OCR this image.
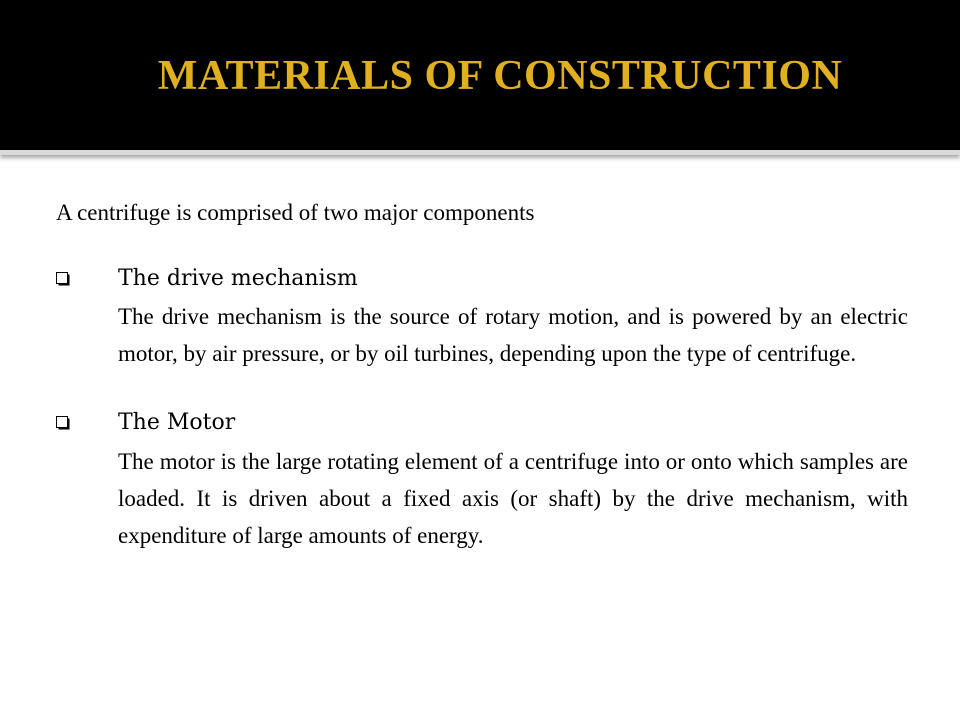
MATERIALS OF CONSTRUCTION

A centrifuge is comprised of two major components

The drive mechanism

The drive mechanism is the source of rotary motion, and is powered by an electric motor, by air pressure, or by oil turbines, depending upon the type of centrifuge.

The Motor

The motor is the large rotating element of a centrifuge into or onto which samples are loaded. It is driven about a fixed axis (or shaft) by the drive mechanism, with expenditure of large amounts of energy.
